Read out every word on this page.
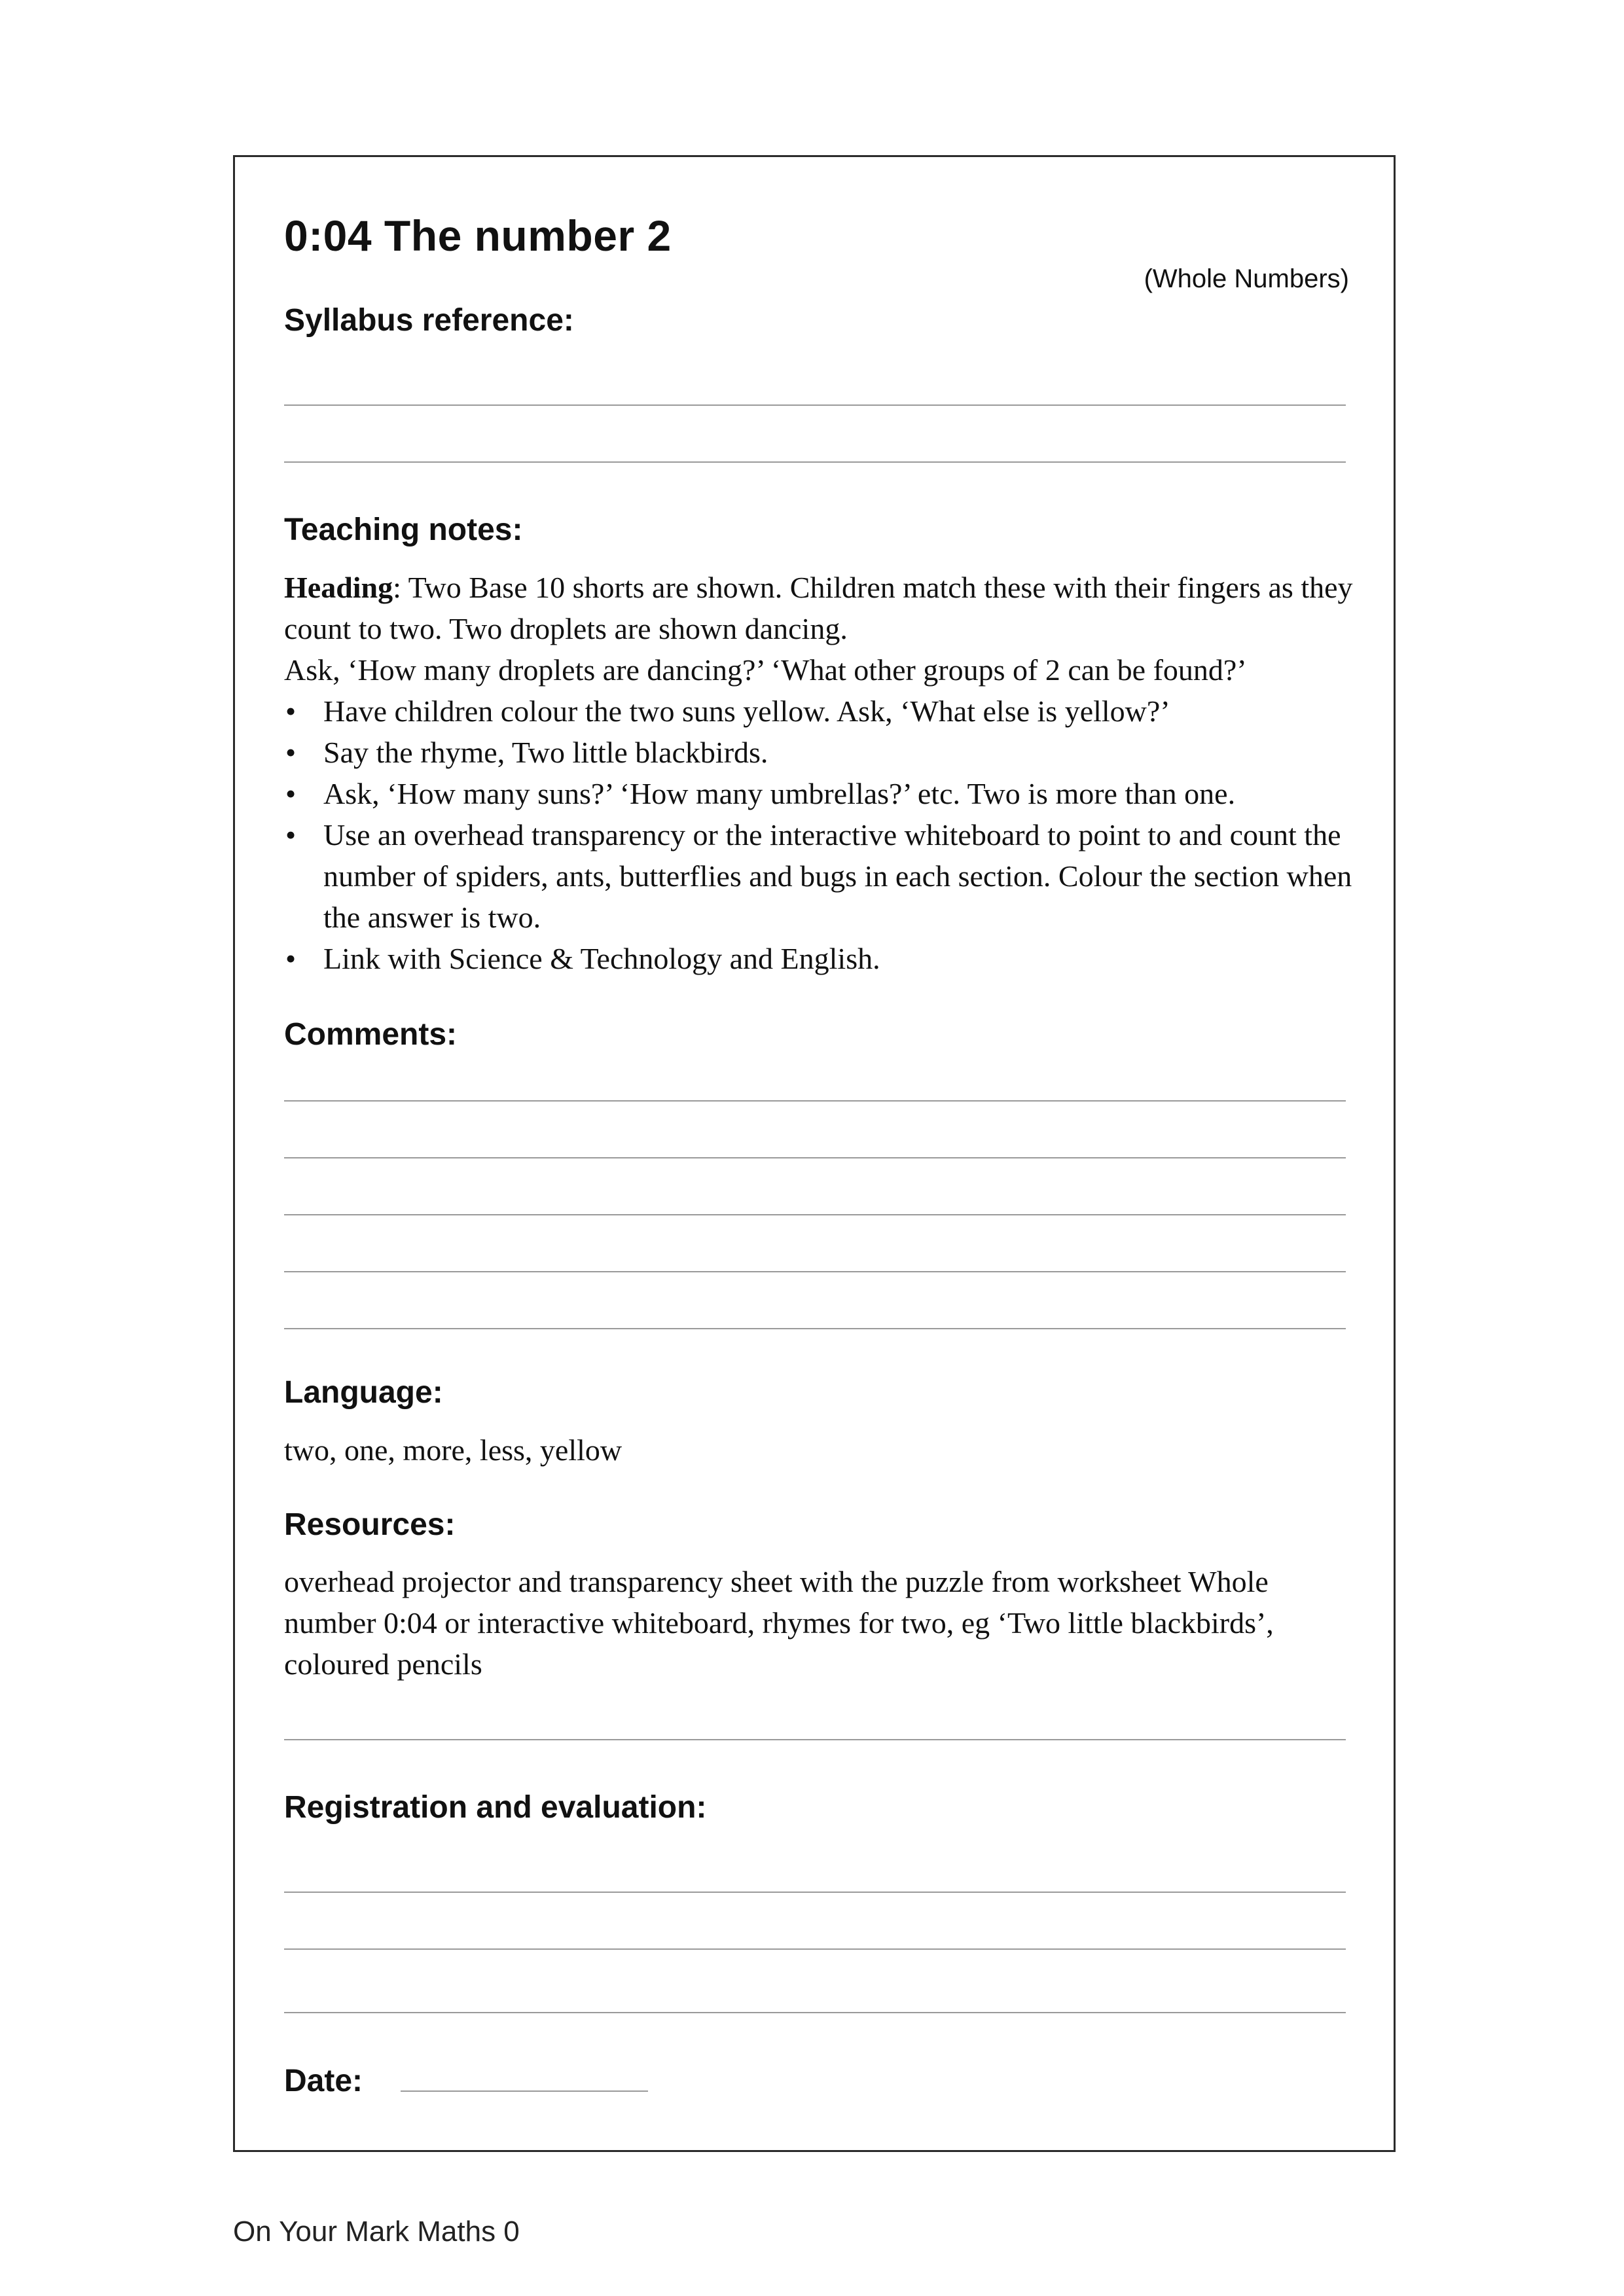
0:04 The number 2
(Whole Numbers)
Syllabus reference:
Teaching notes:

Heading: Two Base 10 shorts are shown. Children match these with their fingers as they count to two. Two droplets are shown dancing.

Ask, ‘How many droplets are dancing?’ ‘What other groups of 2 can be found?’

• Have children colour the two suns yellow. Ask, ‘What else is yellow?’
• Say the rhyme, Two little blackbirds.
• Ask, ‘How many suns?’ ‘How many umbrellas?’ etc. Two is more than one.
• Use an overhead transparency or the interactive whiteboard to point to and count the number of spiders, ants, butterflies and bugs in each section. Colour the section when the answer is two.
• Link with Science & Technology and English.
Comments:
Language:
two, one, more, less, yellow
Resources:
overhead projector and transparency sheet with the puzzle from worksheet Whole number 0:04 or interactive whiteboard, rhymes for two, eg ‘Two little blackbirds’, coloured pencils
Registration and evaluation:
Date:
On Your Mark Maths 0
